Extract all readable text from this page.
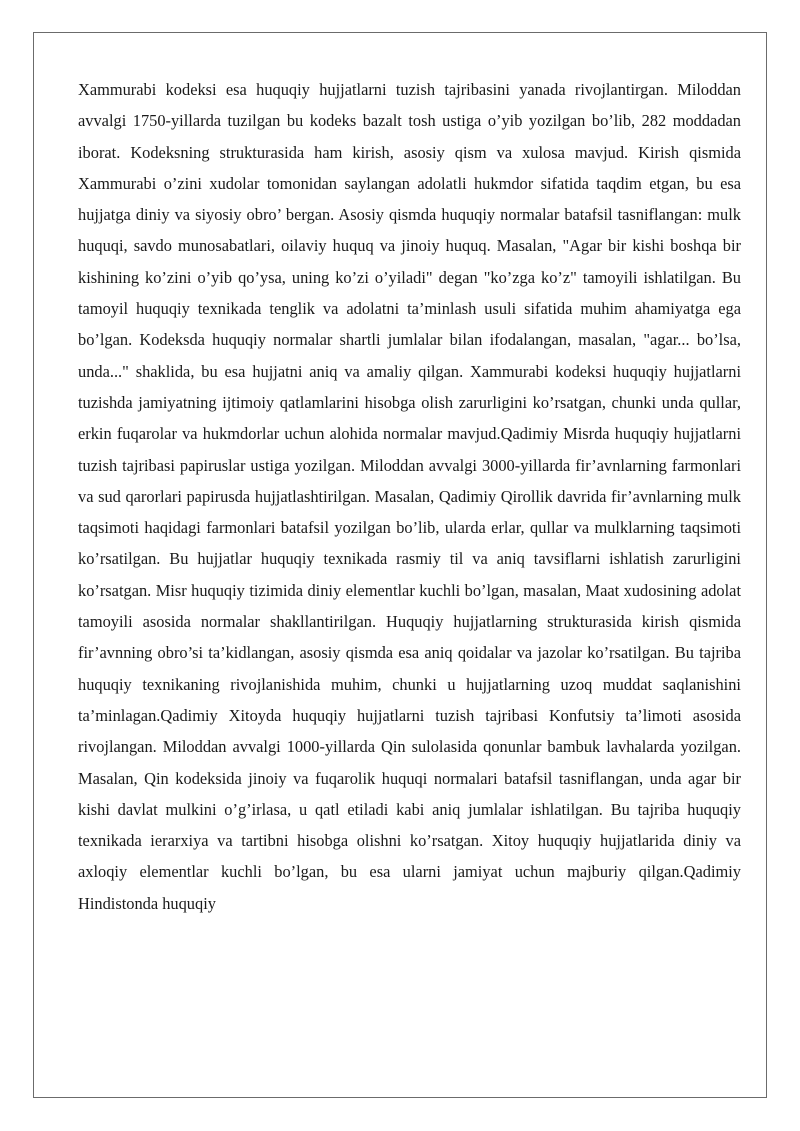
Xammurabi kodeksi esa huquqiy hujjatlarni tuzish tajribasini yanada rivojlantirgan. Miloddan avvalgi 1750-yillarda tuzilgan bu kodeks bazalt tosh ustiga o’yib yozilgan bo’lib, 282 moddadan iborat. Kodeksning strukturasida ham kirish, asosiy qism va xulosa mavjud. Kirish qismida Xammurabi o’zini xudolar tomonidan saylangan adolatli hukmdor sifatida taqdim etgan, bu esa hujjatga diniy va siyosiy obro’ bergan. Asosiy qismda huquqiy normalar batafsil tasniflangan: mulk huquqi, savdo munosabatlari, oilaviy huquq va jinoiy huquq. Masalan, "Agar bir kishi boshqa bir kishining ko’zini o’yib qo’ysa, uning ko’zi o’yiladi" degan "ko’zga ko’z" tamoyili ishlatilgan. Bu tamoyil huquqiy texnikada tenglik va adolatni ta’minlash usuli sifatida muhim ahamiyatga ega bo’lgan. Kodeksda huquqiy normalar shartli jumlalar bilan ifodalangan, masalan, "agar... bo’lsa, unda..." shaklida, bu esa hujjatni aniq va amaliy qilgan. Xammurabi kodeksi huquqiy hujjatlarni tuzishda jamiyatning ijtimoiy qatlamlarini hisobga olish zarurligini ko’rsatgan, chunki unda qullar, erkin fuqarolar va hukmdorlar uchun alohida normalar mavjud.Qadimiy Misrda huquqiy hujjatlarni tuzish tajribasi papiruslar ustiga yozilgan. Miloddan avvalgi 3000-yillarda fir’avnlarning farmonlari va sud qarorlari papirusda hujjatlashtirilgan. Masalan, Qadimiy Qirollik davrida fir’avnlarning mulk taqsimoti haqidagi farmonlari batafsil yozilgan bo’lib, ularda erlar, qullar va mulklarning taqsimoti ko’rsatilgan. Bu hujjatlar huquqiy texnikada rasmiy til va aniq tavsiflarni ishlatish zarurligini ko’rsatgan. Misr huquqiy tizimida diniy elementlar kuchli bo’lgan, masalan, Maat xudosining adolat tamoyili asosida normalar shakllantirilgan. Huquqiy hujjatlarning strukturasida kirish qismida fir’avnning obro’si ta’kidlangan, asosiy qismda esa aniq qoidalar va jazolar ko’rsatilgan. Bu tajriba huquqiy texnikaning rivojlanishida muhim, chunki u hujjatlarning uzoq muddat saqlanishini ta’minlagan.Qadimiy Xitoyda huquqiy hujjatlarni tuzish tajribasi Konfutsiy ta’limoti asosida rivojlangan. Miloddan avvalgi 1000-yillarda Qin sulolasida qonunlar bambuk lavhalarda yozilgan. Masalan, Qin kodeksida jinoiy va fuqarolik huquqi normalari batafsil tasniflangan, unda agar bir kishi davlat mulkini o’g’irlasa, u qatl etiladi kabi aniq jumlalar ishlatilgan. Bu tajriba huquqiy texnikada ierarxiya va tartibni hisobga olishni ko’rsatgan. Xitoy huquqiy hujjatlarida diniy va axloqiy elementlar kuchli bo’lgan, bu esa ularni jamiyat uchun majburiy qilgan.Qadimiy Hindistonda huquqiy
